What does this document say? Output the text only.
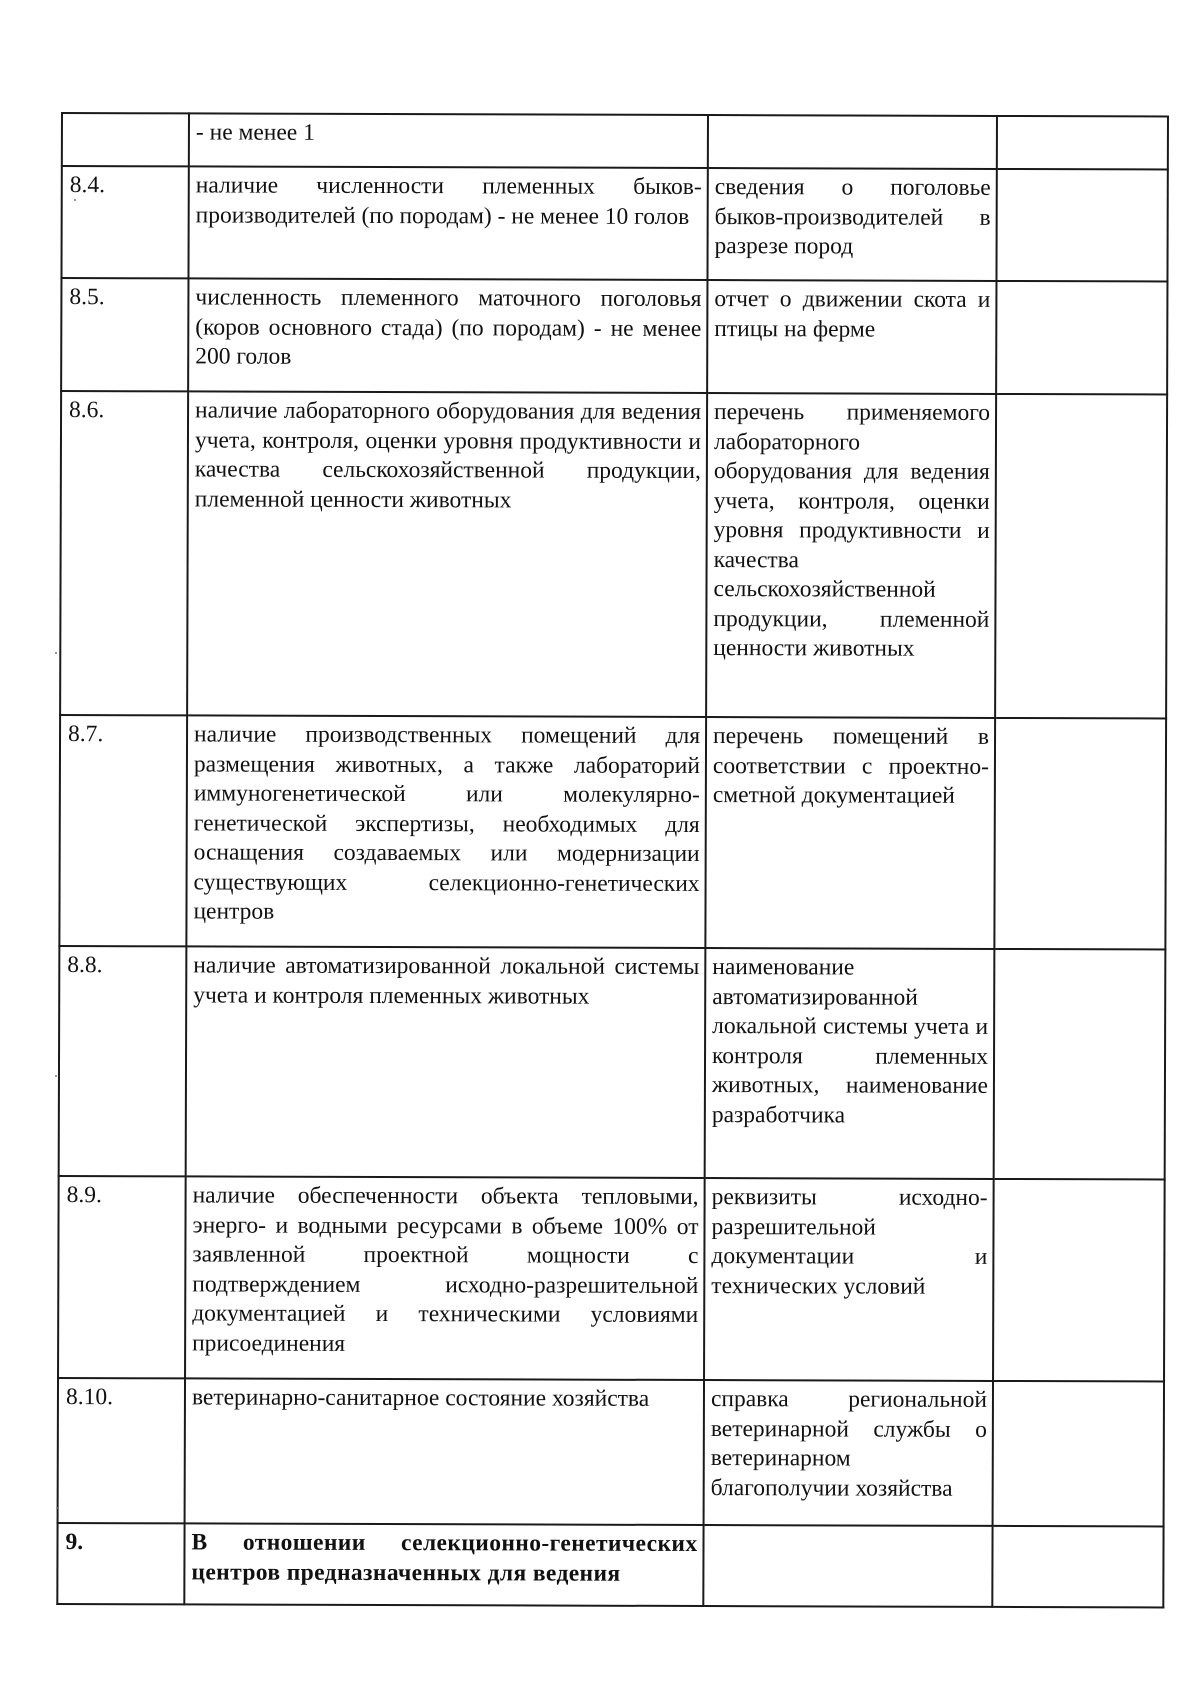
	- не менее 1		
8.4.	наличие численности племенных быков-производителей (по породам) - не менее 10 голов	сведения о поголовье быков-производителей в разрезе пород	
8.5.	численность племенного маточного поголовья (коров основного стада) (по породам) - не менее 200 голов	отчет о движении скота и птицы на ферме	
8.6.	наличие лабораторного оборудования для ведения учета, контроля, оценки уровня продуктивности и качества сельскохозяйственной продукции, племенной ценности животных	перечень применяемого лабораторного оборудования для ведения учета, контроля, оценки уровня продуктивности и качества сельскохозяйственной продукции, племенной ценности животных	
8.7.	наличие производственных помещений для размещения животных, а также лабораторий иммуногенетической или молекулярно-генетической экспертизы, необходимых для оснащения создаваемых или модернизации существующих селекционно-генетических центров	перечень помещений в соответствии с проектно-сметной документацией	
8.8.	наличие автоматизированной локальной системы учета и контроля племенных животных	наименование автоматизированной локальной системы учета и контроля племенных животных, наименование разработчика	
8.9.	наличие обеспеченности объекта тепловыми, энерго- и водными ресурсами в объеме 100% от заявленной проектной мощности с подтверждением исходно-разрешительной документацией и техническими условиями присоединения	реквизиты исходно-разрешительной документации и технических условий	
8.10.	ветеринарно-санитарное состояние хозяйства	справка региональной ветеринарной службы о ветеринарном благополучии хозяйства	
9.	В отношении селекционно-генетических центров предназначенных для ведения		
